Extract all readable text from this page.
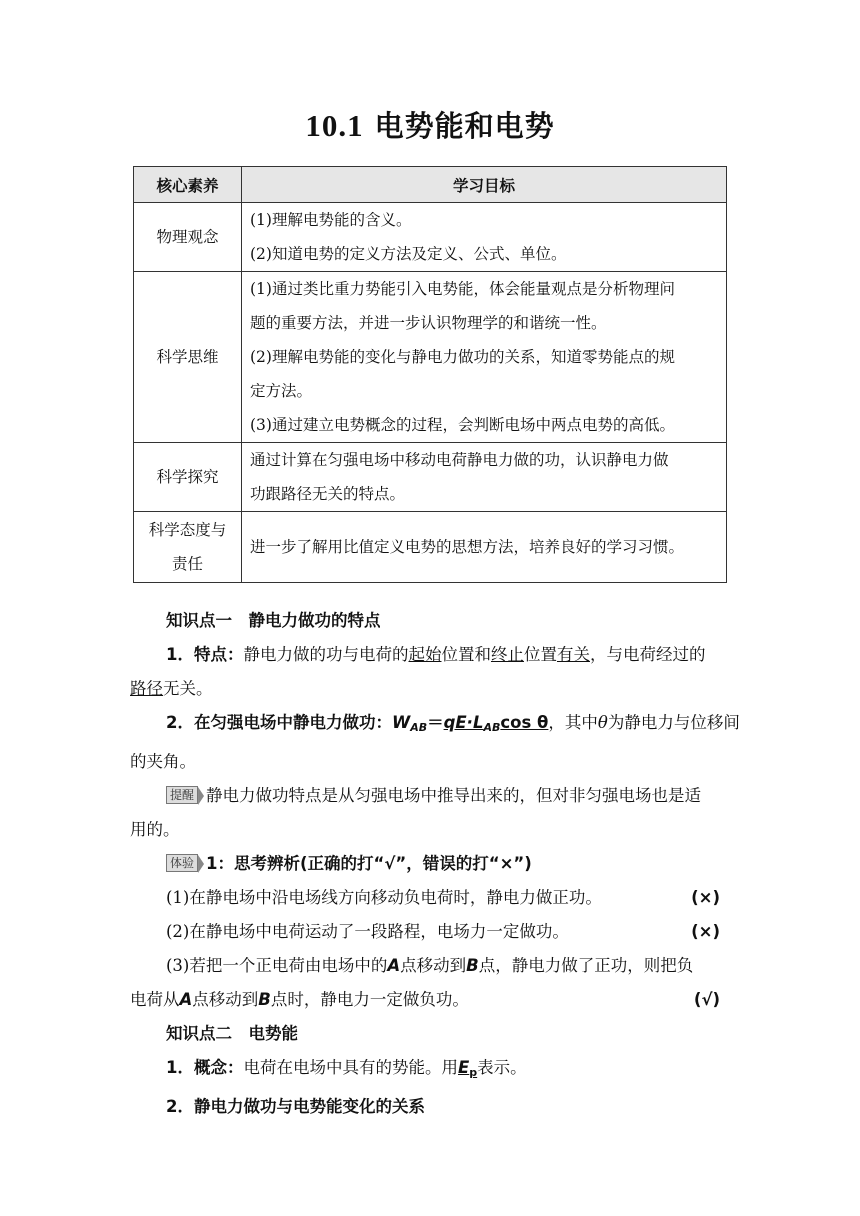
10.1 电势能和电势
核心素养	学习目标
物理观念	(1)理解电势能的含义。
(2)知道电势的定义方法及定义、公式、单位。

科学思维	(1)通过类比重力势能引入电势能，体会能量观点是分析物理问
题的重要方法，并进一步认识物理学的和谐统一性。
(2)理解电势能的变化与静电力做功的关系，知道零势能点的规
定方法。
(3)通过建立电势概念的过程，会判断电场中两点电势的高低。

科学探究	通过计算在匀强电场中移动电荷静电力做的功，认识静电力做
功跟路径无关的特点。

科学态度与
责任	进一步了解用比值定义电势的思想方法，培养良好的学习习惯。
知识点一　静电力做功的特点
1．特点：静电力做的功与电荷的起始位置和终止位置有关，与电荷经过的
路径无关。
2．在匀强电场中静电力做功：$W_{AB}=qE\cdot L_{AB}\cos$ θ，其中θ为静电力与位移间
的夹角。
提醒 静电力做功特点是从匀强电场中推导出来的，但对非匀强电场也是适
用的。
体验 1：思考辨析(正确的打“√”，错误的打“×”)
(1)在静电场中沿电场线方向移动负电荷时，静电力做正功。	(×)
(2)在静电场中电荷运动了一段路程，电场力一定做功。	(×)
(3)若把一个正电荷由电场中的A点移动到B点，静电力做了正功，则把负
电荷从A点移动到B点时，静电力一定做负功。	(√)
知识点二　电势能
1．概念：电荷在电场中具有的势能。用$E_p$表示。
2．静电力做功与电势能变化的关系
